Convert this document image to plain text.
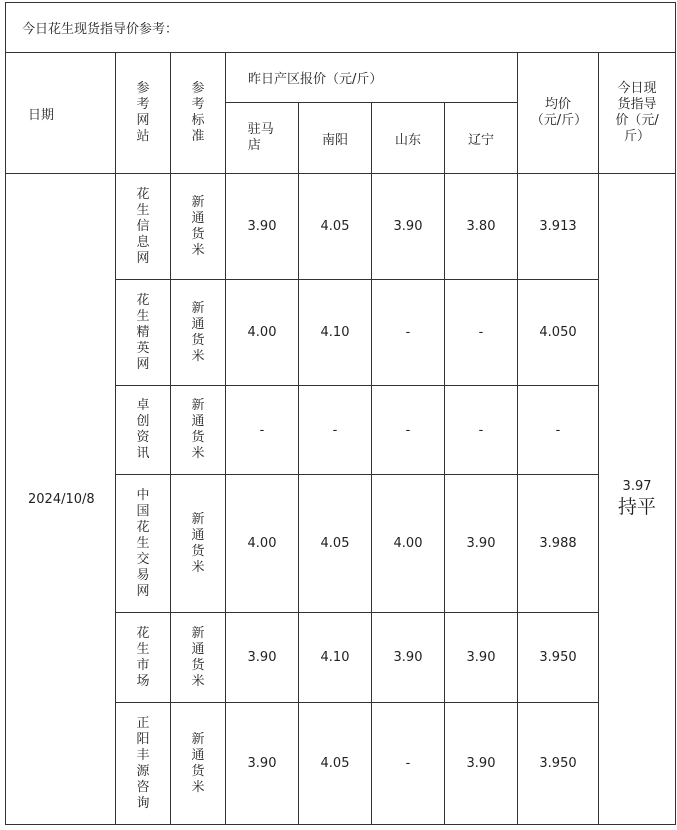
今日花生现货指导价参考：								
日期	参考网站	参考标准	昨日产区报价（元/斤）				均价（元/斤）	今日现货指导价（元/斤）
			驻马店	南阳	山东	辽宁		
2024/10/8	花生信息网	新通货米	3.90	4.05	3.90	3.80	3.913	3.97
持平

	花生精英网	新通货米	4.00	4.10	-	-	4.050	
	卓创资讯	新通货米	-	-	-	-	-	
	中国花生交易网	新通货米	4.00	4.05	4.00	3.90	3.988	
	花生市场	新通货米	3.90	4.10	3.90	3.90	3.950	
	正阳丰源咨询	新通货米	3.90	4.05	-	3.90	3.950	
